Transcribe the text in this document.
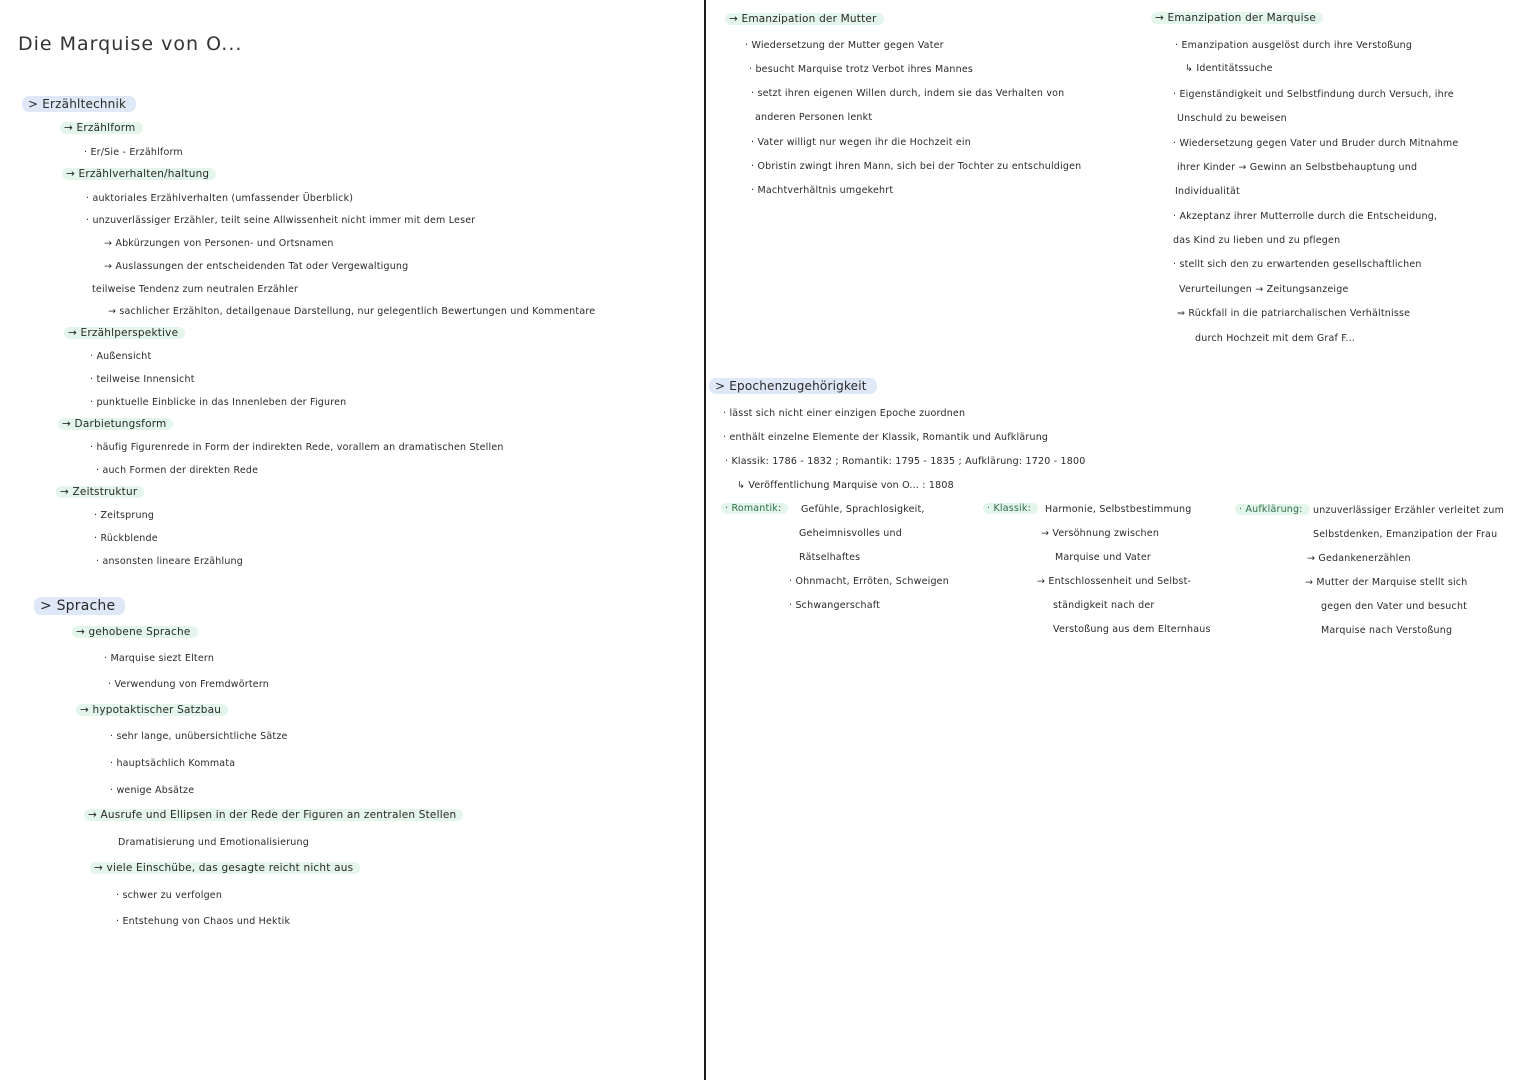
Die Marquise von O...
> Erzähltechnik
→ Erzählform
· Er/Sie - Erzählform
→ Erzählverhalten/haltung
· auktoriales Erzählverhalten (umfassender Überblick)
· unzuverlässiger Erzähler, teilt seine Allwissenheit nicht immer mit dem Leser
→ Abkürzungen von Personen- und Ortsnamen
→ Auslassungen der entscheidenden Tat oder Vergewaltigung
teilweise Tendenz zum neutralen Erzähler
→ sachlicher Erzählton, detailgenaue Darstellung, nur gelegentlich Bewertungen und Kommentare
→ Erzählperspektive
· Außensicht
· teilweise Innensicht
· punktuelle Einblicke in das Innenleben der Figuren
→ Darbietungsform
· häufig Figurenrede in Form der indirekten Rede, vorallem an dramatischen Stellen
· auch Formen der direkten Rede
→ Zeitstruktur
· Zeitsprung
· Rückblende
· ansonsten lineare Erzählung
> Sprache
→ gehobene Sprache
· Marquise siezt Eltern
· Verwendung von Fremdwörtern
→ hypotaktischer Satzbau
· sehr lange, unübersichtliche Sätze
· hauptsächlich Kommata
· wenige Absätze
→ Ausrufe und Ellipsen in der Rede der Figuren an zentralen Stellen
Dramatisierung und Emotionalisierung
→ viele Einschübe, das gesagte reicht nicht aus
· schwer zu verfolgen
· Entstehung von Chaos und Hektik
→ Emanzipation der Mutter
· Wiedersetzung der Mutter gegen Vater
· besucht Marquise trotz Verbot ihres Mannes
· setzt ihren eigenen Willen durch, indem sie das Verhalten von
anderen Personen lenkt
· Vater willigt nur wegen ihr die Hochzeit ein
· Obristin zwingt ihren Mann, sich bei der Tochter zu entschuldigen
· Machtverhältnis umgekehrt
→ Emanzipation der Marquise
· Emanzipation ausgelöst durch ihre Verstoßung
↳ Identitätssuche
· Eigenständigkeit und Selbstfindung durch Versuch, ihre
Unschuld zu beweisen
· Wiedersetzung gegen Vater und Bruder durch Mitnahme
ihrer Kinder → Gewinn an Selbstbehauptung und
Individualität
· Akzeptanz ihrer Mutterrolle durch die Entscheidung,
das Kind zu lieben und zu pflegen
· stellt sich den zu erwartenden gesellschaftlichen
Verurteilungen → Zeitungsanzeige
⇒ Rückfall in die patriarchalischen Verhältnisse
durch Hochzeit mit dem Graf F...
> Epochenzugehörigkeit
· lässt sich nicht einer einzigen Epoche zuordnen
· enthält einzelne Elemente der Klassik, Romantik und Aufklärung
· Klassik: 1786 - 1832 ; Romantik: 1795 - 1835 ; Aufklärung: 1720 - 1800
↳ Veröffentlichung Marquise von O... : 1808
· Romantik:	Gefühle, Sprachlosigkeit,
Geheimnisvolles und
Rätselhaftes
· Ohnmacht, Erröten, Schweigen
· Schwangerschaft
· Klassik:	Harmonie, Selbstbestimmung
→ Versöhnung zwischen
Marquise und Vater
→ Entschlossenheit und Selbst-
ständigkeit nach der
Verstoßung aus dem Elternhaus
· Aufklärung:	unzuverlässiger Erzähler verleitet zum
Selbstdenken, Emanzipation der Frau
→ Gedankenerzählen
→ Mutter der Marquise stellt sich
gegen den Vater und besucht
Marquise nach Verstoßung
